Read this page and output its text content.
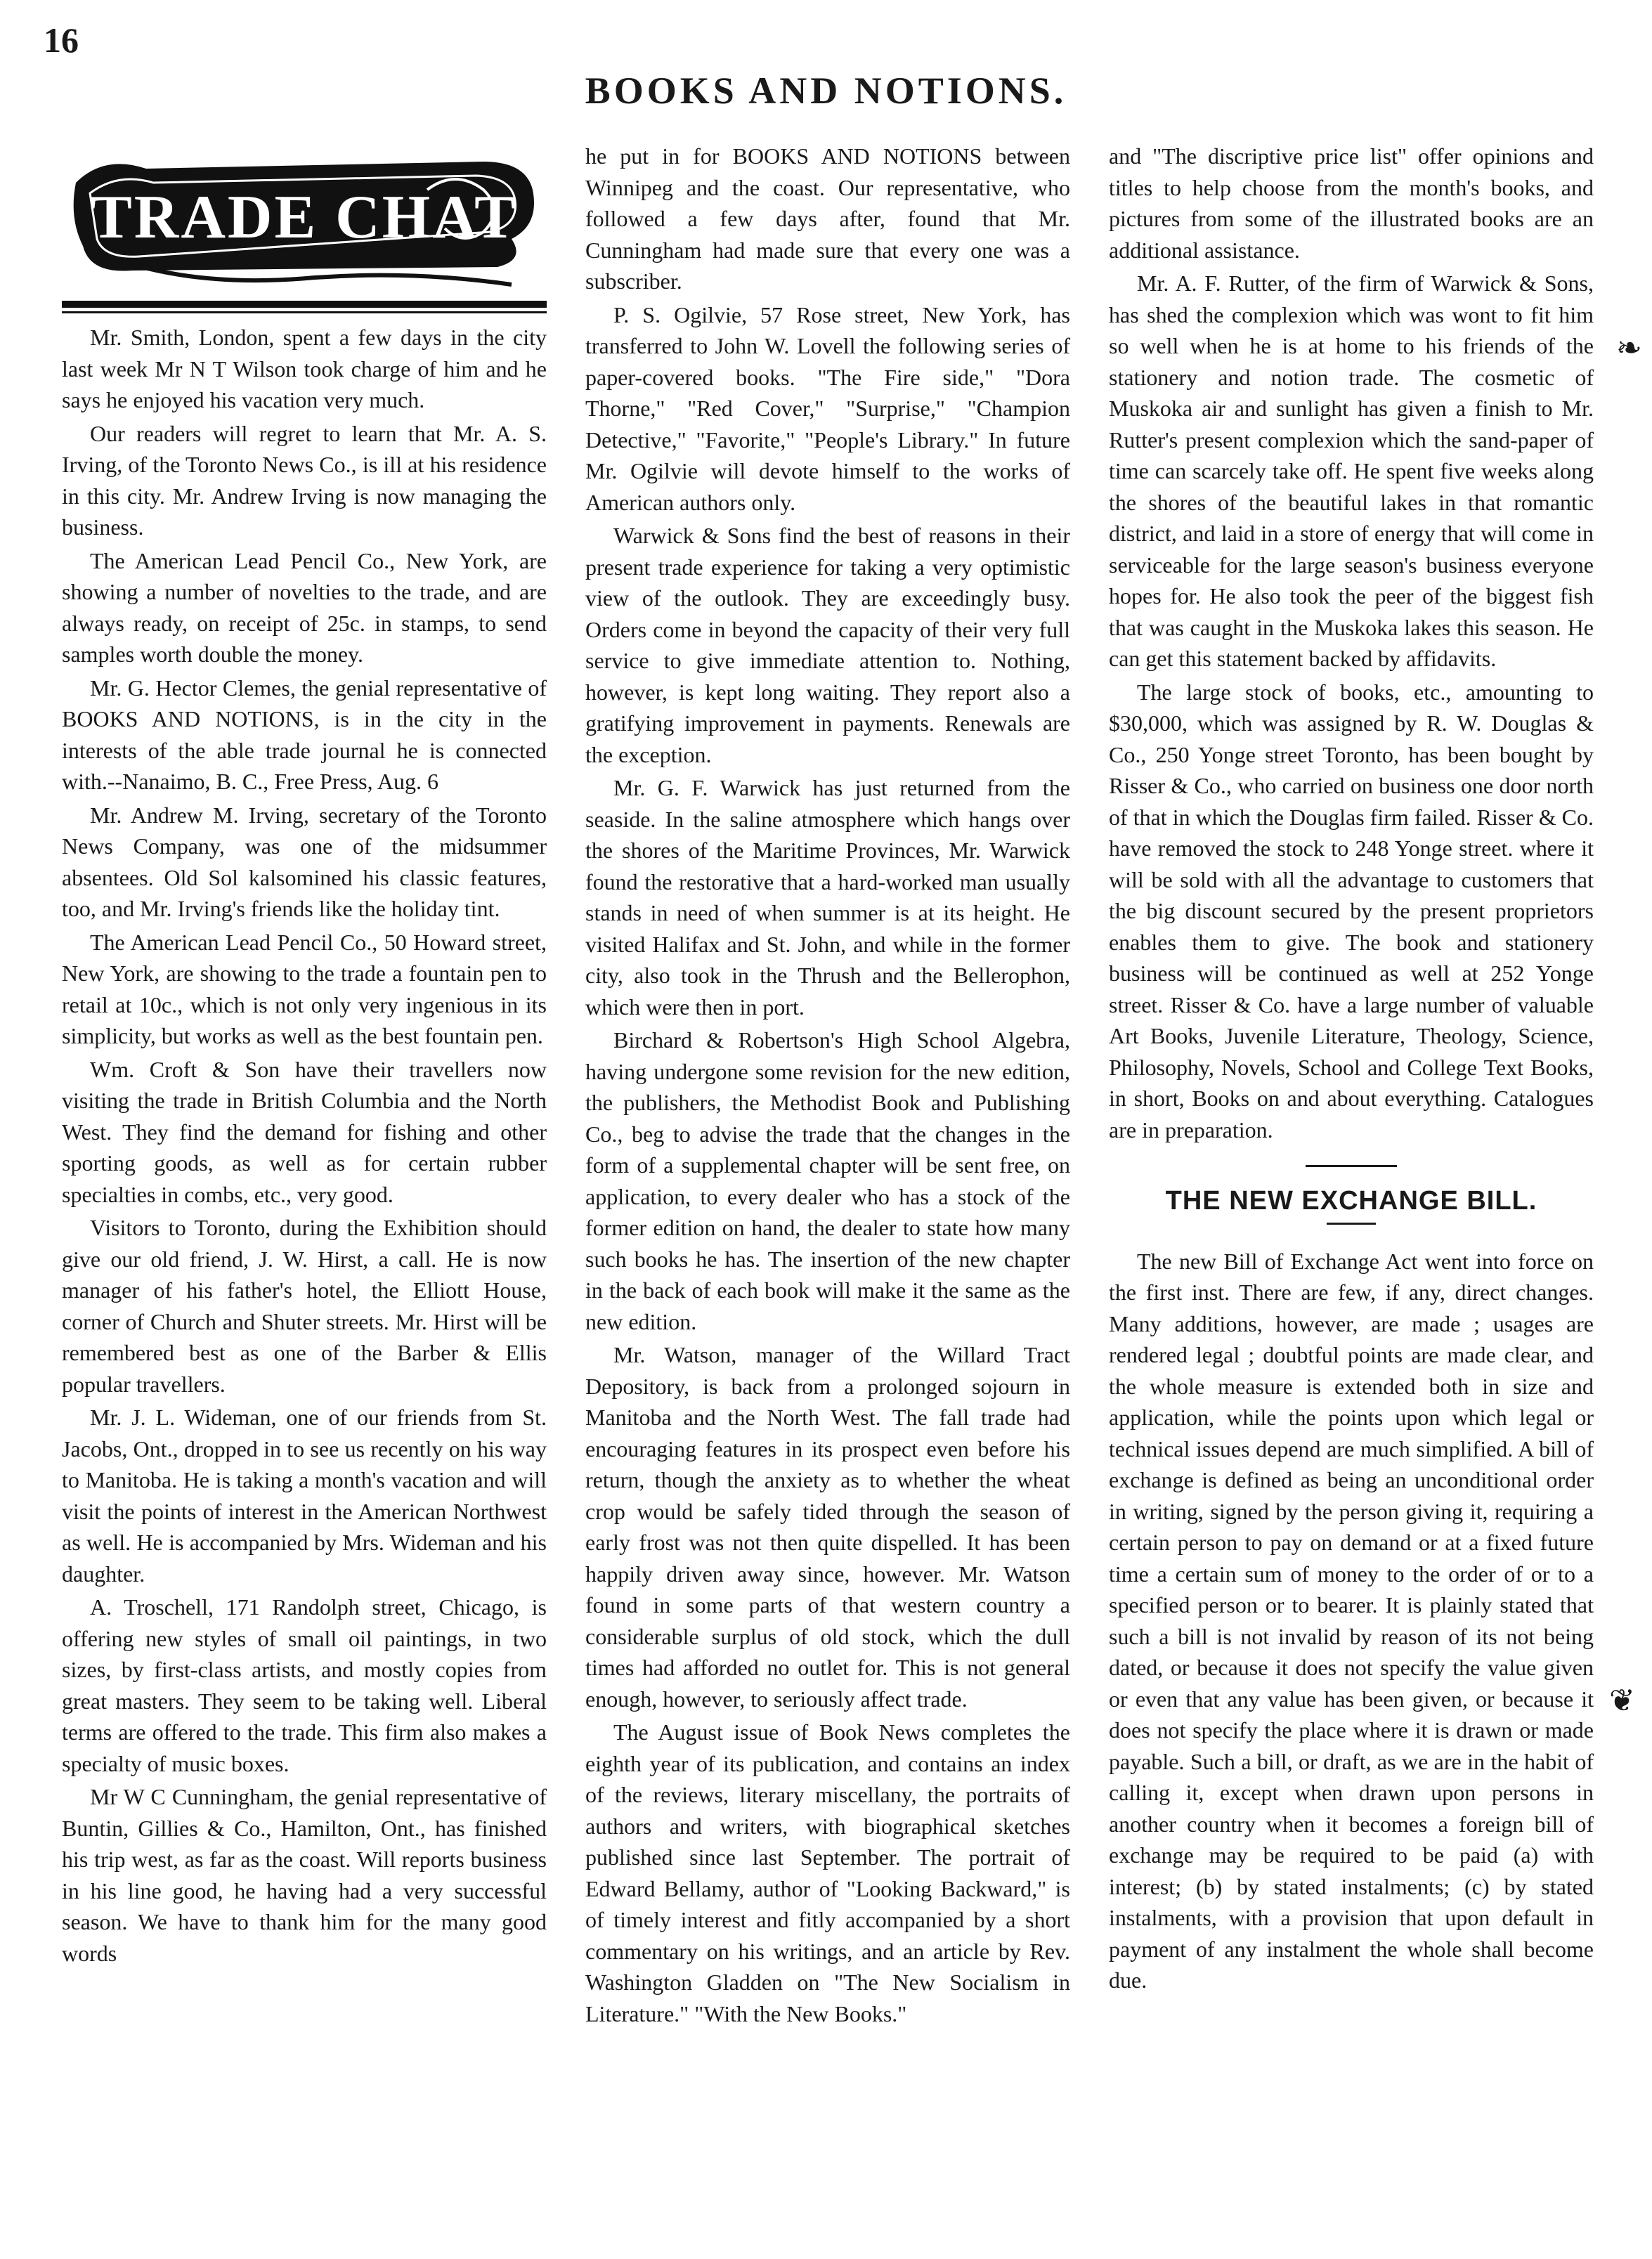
16
BOOKS AND NOTIONS.
TRADE CHAT

Mr. Smith, London, spent a few days in the city last week Mr N T Wilson took charge of him and he says he enjoyed his vacation very much.

Our readers will regret to learn that Mr. A. S. Irving, of the Toronto News Co., is ill at his residence in this city. Mr. Andrew Irving is now managing the business.

The American Lead Pencil Co., New York, are showing a number of novelties to the trade, and are always ready, on receipt of 25c. in stamps, to send samples worth double the money.

Mr. G. Hector Clemes, the genial representative of BOOKS AND NOTIONS, is in the city in the interests of the able trade journal he is connected with.--Nanaimo, B. C., Free Press, Aug. 6

Mr. Andrew M. Irving, secretary of the Toronto News Company, was one of the midsummer absentees. Old Sol kalsomined his classic features, too, and Mr. Irving's friends like the holiday tint.

The American Lead Pencil Co., 50 Howard street, New York, are showing to the trade a fountain pen to retail at 10c., which is not only very ingenious in its simplicity, but works as well as the best fountain pen.

Wm. Croft & Son have their travellers now visiting the trade in British Columbia and the North West. They find the demand for fishing and other sporting goods, as well as for certain rubber specialties in combs, etc., very good.

Visitors to Toronto, during the Exhibition should give our old friend, J. W. Hirst, a call. He is now manager of his father's hotel, the Elliott House, corner of Church and Shuter streets. Mr. Hirst will be remembered best as one of the Barber & Ellis popular travellers.

Mr. J. L. Wideman, one of our friends from St. Jacobs, Ont., dropped in to see us recently on his way to Manitoba. He is taking a month's vacation and will visit the points of interest in the American Northwest as well. He is accompanied by Mrs. Wideman and his daughter.

A. Troschell, 171 Randolph street, Chicago, is offering new styles of small oil paintings, in two sizes, by first-class artists, and mostly copies from great masters. They seem to be taking well. Liberal terms are offered to the trade. This firm also makes a specialty of music boxes.

Mr W C Cunningham, the genial representative of Buntin, Gillies & Co., Hamilton, Ont., has finished his trip west, as far as the coast. Will reports business in his line good, he having had a very successful season. We have to thank him for the many good words

he put in for BOOKS AND NOTIONS between Winnipeg and the coast. Our representative, who followed a few days after, found that Mr. Cunningham had made sure that every one was a subscriber.

P. S. Ogilvie, 57 Rose street, New York, has transferred to John W. Lovell the following series of paper-covered books. "The Fire side," "Dora Thorne," "Red Cover," "Surprise," "Champion Detective," "Favorite," "People's Library." In future Mr. Ogilvie will devote himself to the works of American authors only.

Warwick & Sons find the best of reasons in their present trade experience for taking a very optimistic view of the outlook. They are exceedingly busy. Orders come in beyond the capacity of their very full service to give immediate attention to. Nothing, however, is kept long waiting. They report also a gratifying improvement in payments. Renewals are the exception.

Mr. G. F. Warwick has just returned from the seaside. In the saline atmosphere which hangs over the shores of the Maritime Provinces, Mr. Warwick found the restorative that a hard-worked man usually stands in need of when summer is at its height. He visited Halifax and St. John, and while in the former city, also took in the Thrush and the Bellerophon, which were then in port.

Birchard & Robertson's High School Algebra, having undergone some revision for the new edition, the publishers, the Methodist Book and Publishing Co., beg to advise the trade that the changes in the form of a supplemental chapter will be sent free, on application, to every dealer who has a stock of the former edition on hand, the dealer to state how many such books he has. The insertion of the new chapter in the back of each book will make it the same as the new edition.

Mr. Watson, manager of the Willard Tract Depository, is back from a prolonged sojourn in Manitoba and the North West. The fall trade had encouraging features in its prospect even before his return, though the anxiety as to whether the wheat crop would be safely tided through the season of early frost was not then quite dispelled. It has been happily driven away since, however. Mr. Watson found in some parts of that western country a considerable surplus of old stock, which the dull times had afforded no outlet for. This is not general enough, however, to seriously affect trade.

The August issue of Book News completes the eighth year of its publication, and contains an index of the reviews, literary miscellany, the portraits of authors and writers, with biographical sketches published since last September. The portrait of Edward Bellamy, author of "Looking Backward," is of timely interest and fitly accompanied by a short commentary on his writings, and an article by Rev. Washington Gladden on "The New Socialism in Literature." "With the New Books."

and "The discriptive price list" offer opinions and titles to help choose from the month's books, and pictures from some of the illustrated books are an additional assistance.

Mr. A. F. Rutter, of the firm of Warwick & Sons, has shed the complexion which was wont to fit him so well when he is at home to his friends of the stationery and notion trade. The cosmetic of Muskoka air and sunlight has given a finish to Mr. Rutter's present complexion which the sand-paper of time can scarcely take off. He spent five weeks along the shores of the beautiful lakes in that romantic district, and laid in a store of energy that will come in serviceable for the large season's business everyone hopes for. He also took the peer of the biggest fish that was caught in the Muskoka lakes this season. He can get this statement backed by affidavits.

The large stock of books, etc., amounting to $30,000, which was assigned by R. W. Douglas & Co., 250 Yonge street Toronto, has been bought by Risser & Co., who carried on business one door north of that in which the Douglas firm failed. Risser & Co. have removed the stock to 248 Yonge street. where it will be sold with all the advantage to customers that the big discount secured by the present proprietors enables them to give. The book and stationery business will be continued as well at 252 Yonge street. Risser & Co. have a large number of valuable Art Books, Juvenile Literature, Theology, Science, Philosophy, Novels, School and College Text Books, in short, Books on and about everything. Catalogues are in preparation.

THE NEW EXCHANGE BILL.

The new Bill of Exchange Act went into force on the first inst. There are few, if any, direct changes. Many additions, however, are made ; usages are rendered legal ; doubtful points are made clear, and the whole measure is extended both in size and application, while the points upon which legal or technical issues depend are much simplified. A bill of exchange is defined as being an unconditional order in writing, signed by the person giving it, requiring a certain person to pay on demand or at a fixed future time a certain sum of money to the order of or to a specified person or to bearer. It is plainly stated that such a bill is not invalid by reason of its not being dated, or because it does not specify the value given or even that any value has been given, or because it does not specify the place where it is drawn or made payable. Such a bill, or draft, as we are in the habit of calling it, except when drawn upon persons in another country when it becomes a foreign bill of exchange may be required to be paid (a) with interest; (b) by stated instalments; (c) by stated instalments, with a provision that upon default in payment of any instalment the whole shall become due.

❧
❦
